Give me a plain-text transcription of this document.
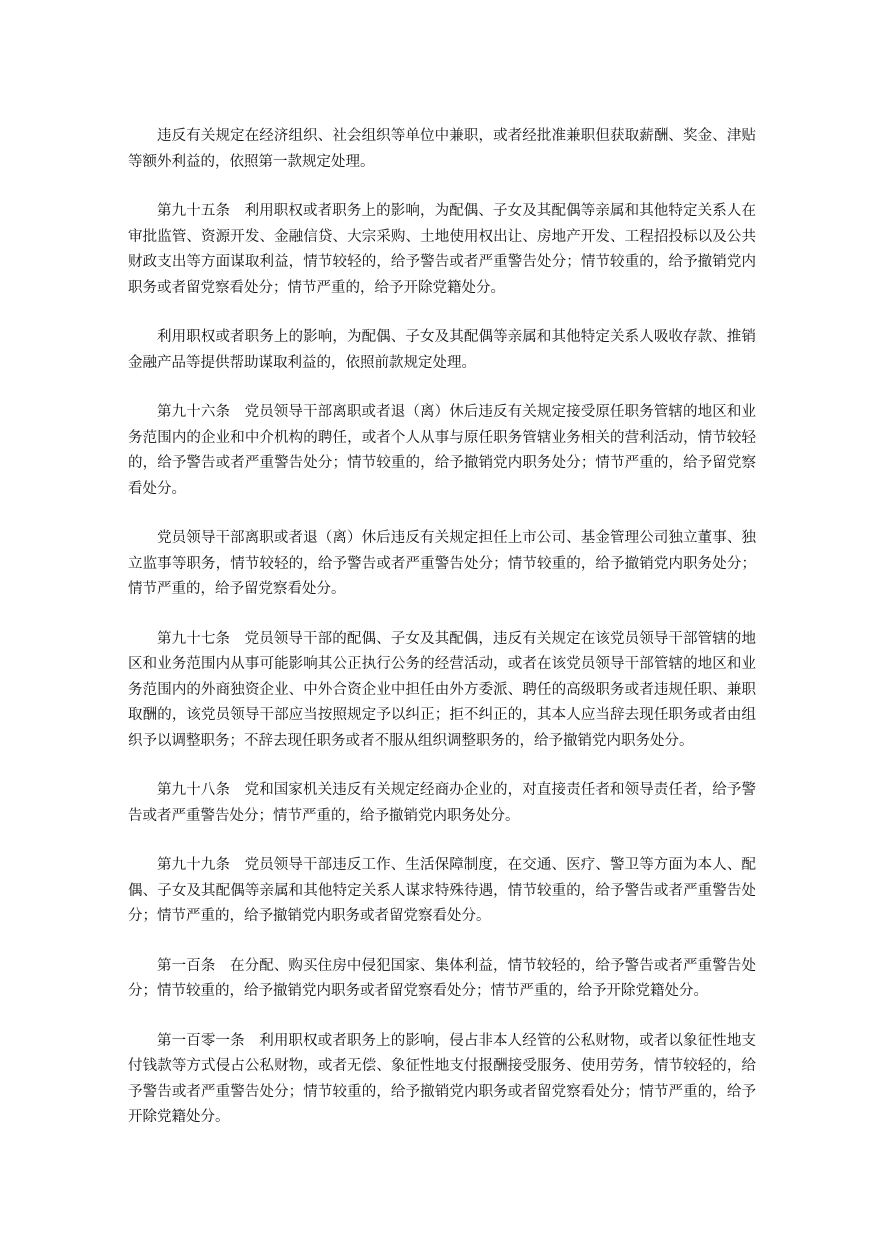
违反有关规定在经济组织、社会组织等单位中兼职，或者经批准兼职但获取薪酬、奖金、津贴等额外利益的，依照第一款规定处理。

第九十五条 利用职权或者职务上的影响，为配偶、子女及其配偶等亲属和其他特定关系人在审批监管、资源开发、金融信贷、大宗采购、土地使用权出让、房地产开发、工程招投标以及公共财政支出等方面谋取利益，情节较轻的，给予警告或者严重警告处分；情节较重的，给予撤销党内职务或者留党察看处分；情节严重的，给予开除党籍处分。

利用职权或者职务上的影响，为配偶、子女及其配偶等亲属和其他特定关系人吸收存款、推销金融产品等提供帮助谋取利益的，依照前款规定处理。

第九十六条 党员领导干部离职或者退（离）休后违反有关规定接受原任职务管辖的地区和业务范围内的企业和中介机构的聘任，或者个人从事与原任职务管辖业务相关的营利活动，情节较轻的，给予警告或者严重警告处分；情节较重的，给予撤销党内职务处分；情节严重的，给予留党察看处分。

党员领导干部离职或者退（离）休后违反有关规定担任上市公司、基金管理公司独立董事、独立监事等职务，情节较轻的，给予警告或者严重警告处分；情节较重的，给予撤销党内职务处分；情节严重的，给予留党察看处分。

第九十七条 党员领导干部的配偶、子女及其配偶，违反有关规定在该党员领导干部管辖的地区和业务范围内从事可能影响其公正执行公务的经营活动，或者在该党员领导干部管辖的地区和业务范围内的外商独资企业、中外合资企业中担任由外方委派、聘任的高级职务或者违规任职、兼职取酬的，该党员领导干部应当按照规定予以纠正；拒不纠正的，其本人应当辞去现任职务或者由组织予以调整职务；不辞去现任职务或者不服从组织调整职务的，给予撤销党内职务处分。

第九十八条 党和国家机关违反有关规定经商办企业的，对直接责任者和领导责任者，给予警告或者严重警告处分；情节严重的，给予撤销党内职务处分。

第九十九条 党员领导干部违反工作、生活保障制度，在交通、医疗、警卫等方面为本人、配偶、子女及其配偶等亲属和其他特定关系人谋求特殊待遇，情节较重的，给予警告或者严重警告处分；情节严重的，给予撤销党内职务或者留党察看处分。

第一百条 在分配、购买住房中侵犯国家、集体利益，情节较轻的，给予警告或者严重警告处分；情节较重的，给予撤销党内职务或者留党察看处分；情节严重的，给予开除党籍处分。

第一百零一条 利用职权或者职务上的影响，侵占非本人经管的公私财物，或者以象征性地支付钱款等方式侵占公私财物，或者无偿、象征性地支付报酬接受服务、使用劳务，情节较轻的，给予警告或者严重警告处分；情节较重的，给予撤销党内职务或者留党察看处分；情节严重的，给予开除党籍处分。
